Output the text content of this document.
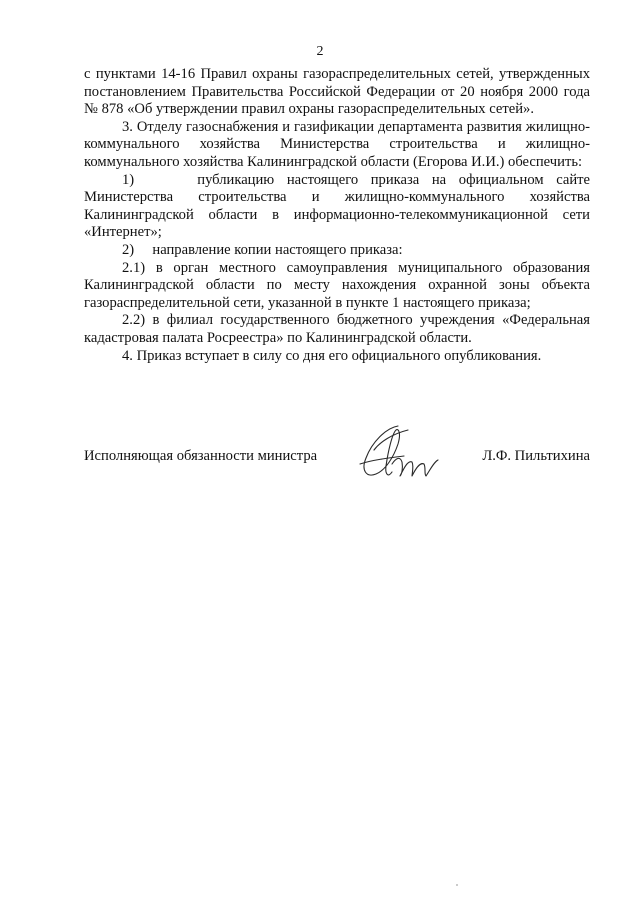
2

с пунктами 14-16 Правил охраны газораспределительных сетей, утвержденных постановлением Правительства Российской Федерации от 20 ноября 2000 года № 878 «Об утверждении правил охраны газораспределительных сетей».

3. Отделу газоснабжения и газификации департамента развития жилищно-коммунального хозяйства Министерства строительства и жилищно-коммунального хозяйства Калининградской области (Егорова И.И.) обеспечить:

1)     публикацию настоящего приказа на официальном сайте Министерства строительства и жилищно-коммунального хозяйства Калининградской области в информационно-телекоммуникационной сети «Интернет»;

2)     направление копии настоящего приказа:

2.1) в орган местного самоуправления муниципального образования Калининградской области по месту нахождения охранной зоны объекта газораспределительной сети, указанной в пункте 1 настоящего приказа;

2.2) в филиал государственного бюджетного учреждения «Федеральная кадастровая палата Росреестра» по Калининградской области.

4. Приказ вступает в силу со дня его официального опубликования.

Исполняющая обязанности министра	Л.Ф. Пильтихина
